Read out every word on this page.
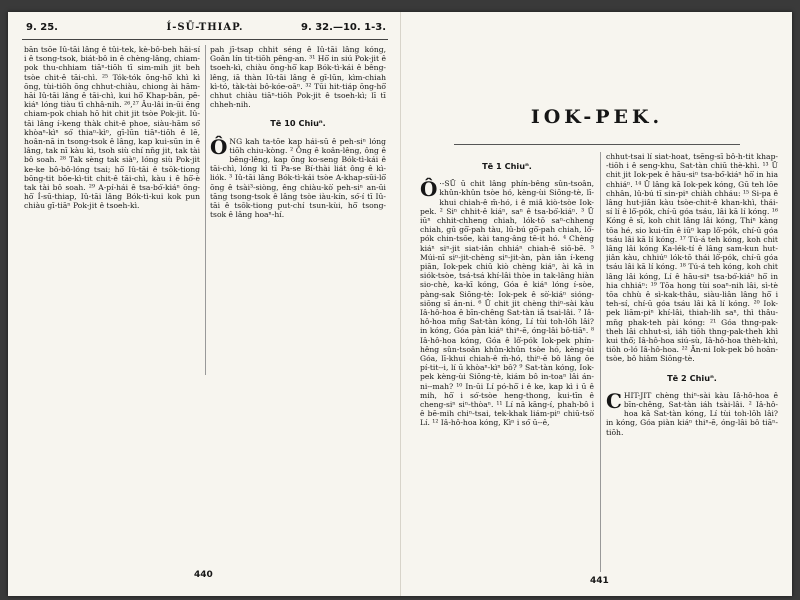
9. 25.	Í-SŪ-THIAP.	9. 32.—10. 1-3.

bān tsōe Iû-tāi lâng ê tûi-tek, kè-bô-beh hāi-sí i ê tsong-tsok, biát-bô in ê chèng-lâng, chiam-pok thu-chhiam tiāⁿ-tiōh tī sim-mih jit beh tsòe chit-ê tāi-chì. ²⁵ Tók-tók ōng-hō͘ khì kì ōng, tùi-tiōh ōng chhut-chiàu, chiong ài hām-hāi Iû-tāi lâng ê tāi-chì, kui hō͘ Khap-bân, pē-kiáⁿ lóng tiàu tī chhâ-nih. ²⁶,²⁷ Âu-lâi in-ūi ēng chiam-pok chiah hō hit chit jit tsòe Pok-jit. Iû-tāi lâng í-keng thàk chit-ê phoe, siàu-hām só͘ khòaⁿ-kìⁿ só͘ thiaⁿ-kìⁿ, gī-lūn tiāⁿ-tiōh ê lē, hoân-nā in tsong-tsok ê lâng, kap kui-sūn in ê lâng, tak nī kàu kì, tsoh siù chí nn̄g jit, tak tài bô soah. ²⁸ Tak sèng tak siàⁿ, lóng siù Pok-jit ke-ke bô-bô-lóng tsai; hō͘ Iû-tāi ê tsōk-tiong bōng-tit bōe-kì-tit chit-ê tāi-chì, kàu i ê hō͘-è tak tài bô soah. ²⁹ A-pí-hái ê tsa-bó͘-kiáⁿ ōng-hō͘ Í-sū-thiap, Iû-tāi lâng Bók-tì-kui kok pun chiàu gī-tiāⁿ Pok-jit ê tsoeh-kì.

pah jī-tsap chhit séng ê Iû-tāi lâng kóng, Goân lín tit-tiōh pêng-an. ³¹ Hō͘ in siú Pok-jit ê tsoeh-kì, chiàu ōng-hō͘ kap Bók-tì-kái ê bêng-lêng, iā thàn Iû-tāi lâng ê gī-lūn, kìm-chiah kì-tó, tàk-tài bô-kóe-oāⁿ. ³² Tūi hit-tiáp ōng-hō͘ chhut chiàu tiāⁿ-tiōh Pok-jit ê tsoeh-kì; lī tī chheh-nih.

Tē 10 Chiuⁿ.

Ô NG kah ta-tōe kap hái-sū ê peh-siⁿ lóng tiōh chiu-kòng. ² Ông ê koân-lêng, ông ê bêng-lêng, kap ōng ko-seng Bók-tì-kái ê tāi-chì, lóng kì tī Pa-se Bí-thài liát ông ê kì-liók. ³ Iû-tāi lâng Bók-tì-kái tsòe A-khap-sūi-lō͘ ōng ê tsài³-siòng, êng chiàu-kò͘ peh-siⁿ an-ūi tāng tsong-tsok ê lâng tsòe iàu-kín, só͘-í tī Iû-tāi ê tsōk-tiong put-chí tsun-kùi, hō͘ tsong-tsok ê lâng hoaⁿ-hí.

440
IOK-PEK.
Tē 1 Chiuⁿ.

Ô ·-SŪ ū chit lâng phín-bêng sûn-tsoân, khûn-khûn tsòe hó, kèng-ùi Siōng-tè, lī-khui chiah-ê m̄-hó, i ê miâ kiò-tsòe Iok-pek. ² Siⁿ chhit-ê kiáⁿ, saⁿ ê tsa-bó͘-kiáⁿ. ³ Ū iūⁿ chhit-chheng chiah, lók-tō saⁿ-chheng chiah, gū gō͘-pah tàu, lû-bú gō͘-pah chiah, lō͘-pók chin-tsōe, kài tang-âng tē-it hó. ⁴ Chèng kiáⁿ siⁿ-jit siat-iân chhiáⁿ chiah-ê siō-bē. ⁵ Múi-nī siⁿ-jit-chèng siⁿ-jit-àn, pàn iân í-keng piān, Iok-pek chiū kiò chèng kiáⁿ, ài kā in siók-tsòe, tsá-tsá khí-lâi thòe in tak-lâng hiàn sio-chè, ka-kī kóng, Góa ê kiáⁿ lóng í-sòe, pàng-sak Siōng-tè: Iok-pek ê sò͘-kiáⁿ sióng-siōng sī án-ni. ⁶ Ū chit jit chèng thiⁿ-sài kàu Iâ-hô-hoa ê bīn-chêng Sat-tàn iā tsai-lâi. ⁷ Iâ-hô-hoa mn̄g Sat-tàn kóng, Lí tùi toh-lōh lâi? in kóng, Góa pàn kiáⁿ thiⁿ-ē, óng-lâi bô-tiāⁿ. ⁸ Iâ-hô-hoa kóng, Góa ê lô͘-pók Iok-pek phín-hêng sûn-tsoân khûn-khûn tsòe hó, kèng-ùi Góa, lī-khui chiah-ê m̄-hó, thiⁿ-ē bô lâng ōe pí-tit--i, lí ū khòaⁿ-kìⁿ bô? ⁹ Sat-tàn kóng, Iok-pek kèng-ùi Siōng-tè, kiám bô in-toaⁿ lâi án-ni--mah? ¹⁰ In-ūi Lí pó-hō͘ i ê ke, kap kì i ū ê mih, hō͘ i só͘-tsòe heng-thong, kui-tīn ê cheng-siⁿ siⁿ-thòaⁿ. ¹¹ Lí nā kāng-í, phah-bô i ê bē-mih chiⁿ-tsai, tek-khak liám-piⁿ chiū-tsò͘ Lí. ¹² Iâ-hô-hoa kóng, Kìⁿ i só͘ ū--ê,

chhut-tsai lí siat-hoat, tsēng-sī bô-h-tit khap--tiōh i ê seng-khu, Sat-tàn chiū thè-khì. ¹³ Ū chit jit Iok-pek ê hāu-siⁿ tsa-bó͘-kiáⁿ hō͘ in hia chhiáⁿ. ¹⁴ Ū lâng kā Iok-pek kóng, Gū teh lōe chhân, lû-bú tī sin-piⁿ chiàh chháu: ¹⁵ Si-pa ê lâng hut-jiân kàu tsòe-chit-ê khan-khì, thái-sí lí ê lô͘-pók, chí-ū góa tsáu, lâi kā lí kóng. ¹⁶ Kóng ê sī, koh chit lâng lâi kóng, Thiⁿ kàng tōa hé, sio kui-tīn ê iūⁿ kap lô͘-pók, chí-ū góa tsáu lâi kā lí kóng. ¹⁷ Tú-á teh kóng, koh chit lâng lâi kóng Ka-lék-tí ê lâng sam-kun hut-jiân kàu, chhiúⁿ lók-tō thái lô͘-pók, chí-ū góa tsáu lâi kā lí kóng. ¹⁸ Tú-á teh kóng, koh chit lâng lâi kóng, Lí ê hāu-siⁿ tsa-bó͘-kiáⁿ hō͘ in hia chhiáⁿ: ¹⁹ Tōa hong tùi soaⁿ-nih lâi, sì-tè tōa chhù ê sì-kak-thâu, siàu-liân lâng hō͘ i teh-sí, chí-ū góa tsáu lâi kā lí kóng. ²⁰ Iok-pek liām-piⁿ khí-lâi, thiah-lih saⁿ, thì thâu-mn̄g phak-teh pài kóng: ²¹ Góa thng-pak-theh lâi chhut-sì, iáh tiōh thng-pak-theh khì kui thô͘; Iâ-hô-hoa siú-sù, Iâ-hô-hoa thèh-khì, tiōh o-ló Iâ-hô-hoa. ²² Ān-ni Iok-pek bô hoān-tsòe, bô hiâm Siōng-tè.

Tē 2 Chiuⁿ.

C HIT-JIT chèng thiⁿ-sài kàu Iâ-hô-hoa ê bīn-chêng, Sat-tàn iáh tsài-lâi. ² Iâ-hô-hoa kā Sat-tàn kóng, Lí tùi toh-lōh lâi? in kóng, Góa piàn kiáⁿ thiⁿ-ē, óng-lâi bô tiāⁿ-tiōh.

441
